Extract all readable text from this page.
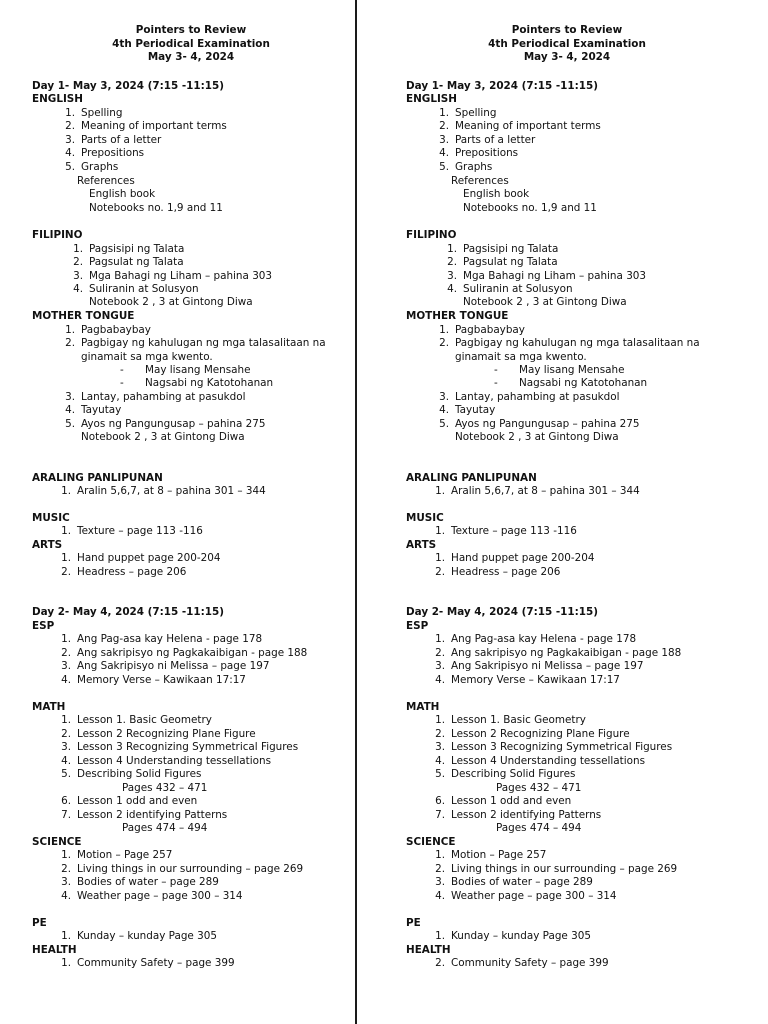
Pointers to Review
4th Periodical Examination
May 3- 4, 2024
Day 1- May 3, 2024 (7:15 -11:15)
ENGLISH
Spelling
1.
Meaning of important terms
2.
Parts of a letter
3.
Prepositions
4.
Graphs
5.
References
English book
Notebooks no. 1,9 and 11
FILIPINO
Pagsisipi ng Talata
1.
Pagsulat ng Talata
2.
Mga Bahagi ng Liham – pahina 303
3.
Suliranin at Solusyon
4.
Notebook 2 , 3 at Gintong Diwa
MOTHER TONGUE
Pagbabaybay
1.
Pagbigay ng kahulugan ng mga talasalitaan na
2.
ginamait sa mga kwento.
May lisang Mensahe
-
Nagsabi ng Katotohanan
-
Lantay, pahambing at pasukdol
3.
Tayutay
4.
Ayos ng Pangungusap – pahina 275
5.
Notebook 2 , 3 at Gintong Diwa
ARALING PANLIPUNAN
Aralin 5,6,7, at 8 – pahina 301 – 344
1.
MUSIC
Texture – page 113 -116
1.
ARTS
Hand puppet page 200-204
1.
Headress – page 206
2.
Day 2- May 4, 2024 (7:15 -11:15)
ESP
Ang Pag-asa kay Helena - page 178
1.
Ang sakripisyo ng Pagkakaibigan - page 188
2.
Ang Sakripisyo ni Melissa – page 197
3.
Memory Verse – Kawikaan 17:17
4.
MATH
Lesson 1. Basic Geometry
1.
Lesson 2 Recognizing Plane Figure
2.
Lesson 3 Recognizing Symmetrical Figures
3.
Lesson 4 Understanding tessellations
4.
Describing Solid Figures
5.
Pages 432 – 471
Lesson 1 odd and even
6.
Lesson 2 identifying Patterns
7.
Pages 474 – 494
SCIENCE
Motion – Page 257
1.
Living things in our surrounding – page 269
2.
Bodies of water – page 289
3.
Weather page – page 300 – 314
4.
PE
Kunday – kunday Page 305
1.
HEALTH
Community Safety – page 399
1.
Pointers to Review
4th Periodical Examination
May 3- 4, 2024
Day 1- May 3, 2024 (7:15 -11:15)
ENGLISH
Spelling
1.
Meaning of important terms
2.
Parts of a letter
3.
Prepositions
4.
Graphs
5.
References
English book
Notebooks no. 1,9 and 11
FILIPINO
Pagsisipi ng Talata
1.
Pagsulat ng Talata
2.
Mga Bahagi ng Liham – pahina 303
3.
Suliranin at Solusyon
4.
Notebook 2 , 3 at Gintong Diwa
MOTHER TONGUE
Pagbabaybay
1.
Pagbigay ng kahulugan ng mga talasalitaan na
2.
ginamait sa mga kwento.
May lisang Mensahe
-
Nagsabi ng Katotohanan
-
Lantay, pahambing at pasukdol
3.
Tayutay
4.
Ayos ng Pangungusap – pahina 275
5.
Notebook 2 , 3 at Gintong Diwa
ARALING PANLIPUNAN
Aralin 5,6,7, at 8 – pahina 301 – 344
1.
MUSIC
Texture – page 113 -116
1.
ARTS
Hand puppet page 200-204
1.
Headress – page 206
2.
Day 2- May 4, 2024 (7:15 -11:15)
ESP
Ang Pag-asa kay Helena - page 178
1.
Ang sakripisyo ng Pagkakaibigan - page 188
2.
Ang Sakripisyo ni Melissa – page 197
3.
Memory Verse – Kawikaan 17:17
4.
MATH
Lesson 1. Basic Geometry
1.
Lesson 2 Recognizing Plane Figure
2.
Lesson 3 Recognizing Symmetrical Figures
3.
Lesson 4 Understanding tessellations
4.
Describing Solid Figures
5.
Pages 432 – 471
Lesson 1 odd and even
6.
Lesson 2 identifying Patterns
7.
Pages 474 – 494
SCIENCE
Motion – Page 257
1.
Living things in our surrounding – page 269
2.
Bodies of water – page 289
3.
Weather page – page 300 – 314
4.
PE
Kunday – kunday Page 305
1.
HEALTH
Community Safety – page 399
2.
